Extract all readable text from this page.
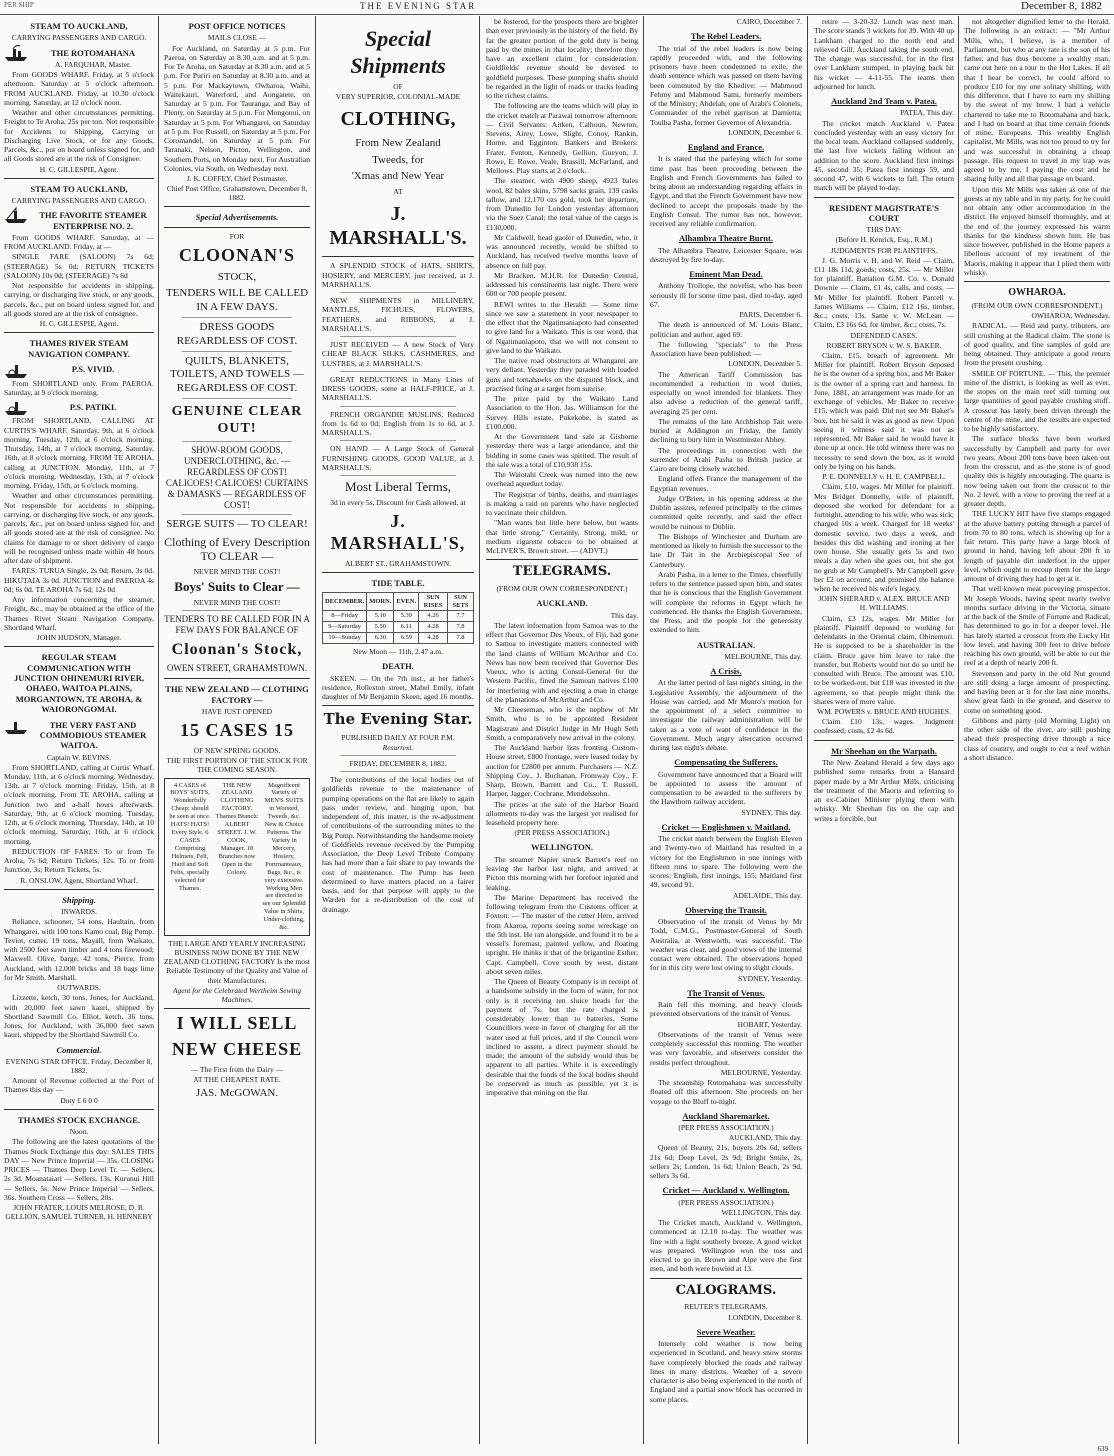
PER SHIP	THE EVENING STAR	December 8, 1882
STEAM TO AUCKLAND,
CARRYING PASSENGERS AND CARGO.
THE ROTOMAHANA
A. FARQUHAR, Master.

From GOODS WHARF. Friday, at 5 o'clock afternoon. Saturday at 5 o'clock afternoon. FROM AUCKLAND. Friday, at 10.30 o'clock morning. Saturday, at 12 o'clock noon.

Weather and other circumstances permitting. Freight to Te Aroha, 25s per ton. Not responsible for Accidents to Shipping, Carrying or Discharging Live Stock, or for any Goods, Parcels, &c., put on board unless signed for, and all Goods stored are at the risk of Consignee.

H. C. GILLESPIE, Agent.
STEAM TO AUCKLAND,
CARRYING PASSENGERS AND CARGO.
THE FAVORITE STEAMER ENTERPRISE NO. 2.

From GOODS WHARF. Saturday, at — FROM AUCKLAND. Friday, at —

SINGLE FARE (SALOON) 7s 6d; (STEERAGE) 5s 0d; RETURN TICKETS (SALOON) 10s 0d; (STEERAGE) 7s 6d

Not responsible for accidents in shipping, carrying, or discharging live stock, or any goods, parcels, &c., put on board unless signed for, and all goods stored are at the risk of consignee.

H. C. GILLESPIE, Agent.
THAMES RIVER STEAM NAVIGATION COMPANY.
P.S. VIVID.

From SHORTLAND only. From PAEROA. Saturday, at 9 o'clock morning.

P.S. PATIKI.

FROM SHORTLAND, CALLING AT CURTIS'S WHARF. Saturday, 9th, at 6 o'clock morning. Tuesday, 12th, at 6 o'clock morning. Thursday, 14th, at 7 o'clock morning. Saturday, 16th, at 8 o'clock morning. FROM TE AROHA, calling at JUNCTION. Monday, 11th, at 7 o'clock morning. Wednesday, 13th, at 7 o'clock morning. Friday, 15th, at 6 o'clock morning.

Weather and other circumstances permitting. Not responsible for accidents to shipping, carrying, or discharging live stock, or any goods, parcels, &c., put on board unless signed for, and all goods stored are at the risk of consignee. No claims for damage to or short delivery of cargo will be recognised unless made within 48 hours after date of shipment.

FARES: TURUA Single, 2s 0d; Return, 3s 0d. HIKUTAIA 3s 0d. JUNCTION and PAEROA 4s 0d; 6s 0d. TE AROHA 7s 6d; 12s 0d

Any information concerning the steamer, Freight, &c., may be obtained at the office of the Thames River Steam Navigation Company, Shortland Wharf.

JOHN HUDSON, Manager.
REGULAR STEAM COMMUNICATION WITH JUNCTION OHINEMURI RIVER, OHAEO, WAITOA PLAINS, MORGANTOWN, TE AROHA, & WAIORONGOMAI.
THE VERY FAST AND COMMODIOUS STEAMER WAITOA.
Captain W. BEVINS.

From SHORTLAND, calling at Curtis' Wharf. Monday, 11th, at 6 o'clock morning. Wednesday, 13th, at 7 o'clock morning. Friday, 15th, at 8 o'clock morning. From TE AROHA, calling at Junction two and a-half hours afterwards. Saturday, 9th, at 6 o'clock morning. Tuesday, 12th, at 6 o'clock morning. Thursday, 14th, at 10 o'clock morning. Saturday, 16th, at 6 o'clock morning.

REDUCTION OF FARES. To or from Te Aroha, 7s 6d; Return Tickets, 12s. To or from Junction, 3s; Return Tickets, 5s.

R. ONSLOW, Agent, Shortland Wharf.
Shipping.
INWARDS.

Reliance, schooner, 54 tons, Haultain, from Whangarei, with 100 tons Kamo coal, Big Pump. Teviot, cutter, 19 tons, Mayall, from Waikato, with 2500 feet sawn timber and 4 tons firewood; Maxwell. Olive, barge, 42 tons, Pierce, from Auckland, with 12,000 bricks and 18 bags lime for Mr Smith. Marshall.

OUTWARDS.

Lizzette, ketch, 30 tons, Jones, for Auckland, with 20,000 feet sawn kauri, shipped by Shortland Sawmill Co. Elliot, ketch, 36 tons, Jones, for Auckland, with 36,000 feet sawn kauri, shipped by the Shortland Sawmill Co.

Commercial.
EVENING STAR OFFICE. Friday, December 8, 1882.

Amount of Revenue collected at the Port of Thames this day —

Duty £ 6 0 0
THAMES STOCK EXCHANGE.
Noon.

The following are the latest quotations of the Thames Stock Exchange this day: SALES THIS DAY — New Prince Imperial — 35s. CLOSING PRICES — Thames Deep Level Tr. — Sellers, 2s 3d. Moanataiari — Sellers, 13s. Kurunui Hill — Sellers, 5s. New Prince Imperial — Sellers, 36s. Southern Cross — Sellers, 20s.

JOHN FRATER, LOUIS MELROSE, D. R. GELLION, SAMUEL TURNER, H. HENNEBY
POST OFFICE NOTICES
MAILS CLOSE —

For Auckland, on Saturday at 5 p.m. For Paeroa, on Saturday at 8.30 a.m. and at 5 p.m. For Te Aroha, on Saturday at 8.30 a.m. and at 5 p.m. For Puriri on Saturday at 8.30 a.m. and at 5 p.m. For Mackaytown, Owharoa, Waihi, Waitekauri, Waterford, and Aongatete, on Saturday at 5 p.m. For Tauranga, and Bay of Plenty, on Saturday at 5 p.m. For Mongonui, on Saturday at 5 p.m. For Whangarei, on Saturday at 5 p.m. For Russell, on Saturday at 5 p.m. For Coromandel, on Saturday at 5 p.m. For Taranaki, Nelson, Picton, Wellington, and Southern Ports, on Monday next. For Australian Colonies, via South, on Wednesday next.

J. K. COFFEY, Chief Postmaster.
Chief Post Office, Grahamstown, December 8, 1882.
Special Advertisements.
FOR
CLOONAN'S
STOCK,
TENDERS WILL BE CALLED IN A FEW DAYS.
DRESS GOODS REGARDLESS OF COST.
QUILTS, BLANKETS, TOILETS, AND TOWELS — REGARDLESS OF COST.
GENUINE CLEAR OUT!
SHOW-ROOM GOODS, UNDERCLOTHING, &c. — REGARDLESS OF COST! CALICOES! CALICOES! CURTAINS & DAMASKS — REGARDLESS OF COST!
SERGE SUITS — TO CLEAR!
Clothing of Every Description TO CLEAR —
NEVER MIND THE COST!
Boys' Suits to Clear —
NEVER MIND THE COST!
TENDERS TO BE CALLED FOR IN A FEW DAYS FOR BALANCE OF
Cloonan's Stock,
OWEN STREET, GRAHAMSTOWN.
THE NEW ZEALAND — CLOTHING FACTORY —
HAVE JUST OPENED
15 CASES 15
OF NEW SPRING GOODS,
THE FIRST PORTION OF THE STOCK FOR THE COMING SEASON.
4 CASES of BOYS' SUITS, Wonderfully Cheap; should be seen at once. HATS! HATS! Every Style. 6 CASES Comprising Helmets, Felt, Hard and Soft Felts, specially selected for Thames.
THE NEW ZEALAND CLOTHING FACTORY. Thames Branch: ALBERT STREET. J. W. COOK, Manager. 18 Branches now Open in the Colony.
Magnificent Variety of MEN'S SUITS in Worsted, Tweeds, &c. New & Choice Patterns. The Variety in Mercery, Hosiery, Portmanteaux, Bags, &c., is very extensive. Working Men are directed to see our Splendid Value in Shirts, Under-clothing, &c.
THE LARGE AND YEARLY INCREASING BUSINESS NOW DONE BY THE NEW ZEALAND CLOTHING FACTORY Is the most Reliable Testimony of the Quality and Value of their Manufactures.
Agent for the Celebrated Wertheim Sewing Machines.
I WILL SELL
NEW CHEESE
— The First from the Dairy —
AT THE CHEAPEST RATE.
JAS. McGOWAN.
Special Shipments
OF
VERY SUPERIOR, COLONIAL-MADE
CLOTHING,
From New Zealand
Tweeds, for
'Xmas and New Year
AT
J. MARSHALL'S.

A SPLENDID STOCK of HATS, SHIRTS, HOSIERY, and MERCERY, just received, at J. MARSHALL'S.

NEW SHIPMENTS in MILLINERY, MANTLES, FICHUES, FLOWERS, FEATHERS, and RIBBONS, at J. MARSHALL'S.

JUST RECEIVED — A new Stock of Very CHEAP BLACK SILKS, CASHMERES, and LUSTRES, at J. MARSHALL'S.

GREAT REDUCTIONS in Many Lines of DRESS GOODS, some at HALF-PRICE, at J. MARSHALL'S.

FRENCH ORGANDIE MUSLINS, Reduced from 1s 6d to 0d; English from 1s to 6d, at J. MARSHALL'S.

ON HAND — A Large Stock of General FURNISHING GOODS, GOOD VALUE, at J. MARSHALL'S.

Most Liberal Terms,
3d in every 5s, Discount for Cash allowed, at
J. MARSHALL'S,
ALBERT ST., GRAHAMSTOWN.
TIDE TABLE.
DECEMBER.	MORN.	EVEN.	SUN RISES	SUN SETS
8—Friday	5.10	5.39	4.26	7.7
9—Saturday	5.50	6.11	4.28	7.8
10—Sunday	6.30	6.59	4.28	7.8
New Moon — 11th, 2.47 a.m.
DEATH.

SKEEN. — On the 7th inst., at her father's residence, Rolleston street, Mabel Emily, infant daughter of Mr Benjamin Skeen, aged 16 months.

The Evening Star.
PUBLISHED DAILY AT FOUR P.M.
Resurrexi.
FRIDAY, DECEMBER 8, 1882.

The contributions of the local bodies out of goldfields revenue to the maintenance of pumping operations on the flat are likely to again pass under review, and hinging upon, but independent of, this matter, is the re-adjustment of contributions of the surrounding mines to the Big Pump. Notwithstanding the handsome moiety of Goldfields revenue received by the Pumping Association, the Deep Level Tribute Company has had more than a fair share to pay towards the cost of maintenance. The Pump has been determined to have matters placed on a fairer basis, and for that purpose will apply to the Warden for a re-distribution of the cost of drainage.

be fostered, for the prospects there are brighter than ever previously in the history of the field. By far the greater portion of the gold duty is being paid by the mines in that locality; therefore they have an excellent claim for consideration. Goldfields' revenue should be devoted to goldfield purposes. Those pumping shafts should be regarded in the light of roads or tracks leading to the richest claims.

The following are the teams which will play in the cricket match at Parawai tomorrow afternoon: — Civil Servants: Aitken, Calhoun, Newton, Stevens, Airey, Lowe, Slight, Conoy, Rankin, Horne, and Egginton. Bankers and Brokers: Frater, Fenton, Kennedy, Gellion, Gueyon, J. Rowe, E. Rowe, Veale, Brassill, McFarland, and Mellows. Play starts at 2 o'clock.

The steamer, with 4900 sheep, 4923 bales wool, 82 bales skins, 5798 sacks grain, 139 casks tallow, and 12,170 ozs gold, took her departure, from Dunedin for London yesterday afternoon via the Suez Canal; the total value of the cargo is £130,000.

Mr Caldwell, head gaoler of Dunedin, who, it was announced recently, would be shifted to Auckland, has received twelve months leave of absence on full pay.

Mr Bracken, M.H.R. for Dunedin Central, addressed his constituents last night. There were 600 or 700 people present.

REWI writes to the Herald: — Some time since we saw a statement in your newspaper to the effect that the Ngatimaniapoto had consented to give land for a Waikato. This is our word, that of Ngatimaniapoto, that we will not consent to give land to the Waikato.

The native road obstructors at Whangarei are very defiant. Yesterday they paraded with loaded guns and tomahawks on the disputed block, and practised firing at a target from sunrise.

The prize paid by the Waikato Land Association to the Hon. Jas. Williamson for the Survey Hills estate, Pukekohe, is stated as £100,000.

At the Government land sale at Gisborne yesterday there was a large attendance, and the bidding in some cases was spirited. The result of the sale was a total of £10,938 15s.

The Waiotahi Creek was turned into the new overhead aqueduct today.

The Registrar of births, deaths, and marriages is making a raid on parents who have neglected to vaccinate their children.

"Man wants but little here below, but wants that little strong." Certainly, Strong, mild, or medium cigarette tobacco to be obtained at McLIVER'S, Brown street. — (ADVT.)

TELEGRAMS.
(FROM OUR OWN CORRESPONDENT.)
AUCKLAND.
This day.

The latest information from Samoa was to the effect that Governor Des Voeux, of Fiji, had gone to Samoa to investigate matters connected with the land claims of William McArthur and Co. News has now been received that Governor Des Voeux, who is acting Consul-General for the Western Pacific, fined the Samoan natives £100 for interfering with and ejecting a man in charge of the plantations of McArthur and Co.

Mr Cheeseman, who is the nephew of Mr Smith, who is to be appointed Resident Magistrate and District Judge in Mr Hugh Seth Smith, a comparatively new arrival in the colony.

The Auckland harbor lists fronting Custom-House street, £800 frontage, were leased today by auction for £2800 per annum. Purchasers — N.Z. Shipping Coy., J. Buchanan, Fromway Coy., F. Sharp, Brown, Barrett and Co., T. Russell, Harper, Jagger, Cochrane, Mendelssohn.

The prices at the sale of the Harbor Board allotments to-day was the largest yet realised for leasehold property here.

(PER PRESS ASSOCIATION.)
WELLINGTON.

The steamer Napier struck Barrett's reef on leaving the harbor last night, and arrived at Picton this morning with her forefoot injured and leaking.

The Marine Department has received the following telegram from the Customs officer at Foxton: — The master of the cutter Hero, arrived from Akaroa, reports seeing some wreckage on the 5th inst. He ran alongside, and found it to be a vessel's foremast, painted yellow, and floating upright. He thinks it that of the brigantine Esther, Capt. Campbell. Cove south by west, distant about seven miles.

The Queen of Beauty Company is in receipt of a handsome subsidy in the form of water, for not only is it receiving ten sluice heads for the payment of 7s, but the rate charged is considerably lower than to batteries. Some Councillors were in favor of charging for all the water used at full prices, and if the Council were inclined to assent, a direct payment should be made; the amount of the subsidy would thus be apparent to all parties. While it is exceedingly desirable that the funds of the local bodies should be conserved as much as possible, yet it is imperative that mining on the flat

CAIRO, December 7.
The Rebel Leaders.

The trial of the rebel leaders is now being rapidly proceeded with, and the following prisoners have been condemned to exile, the death sentence which was passed on them having been commuted by the Khedive: — Mahmoud Fehmy and Mahmoud Sami, formerly members of the Ministry; Abdelah, one of Arabi's Colonels, Commander of the rebel garrison at Damietta; Toulba Pasha, former Governor of Alexandria.

LONDON, December 6.
England and France.

It is stated that the parleying which for some time past has been proceeding between the English and French Governments has failed to bring about an understanding regarding affairs in Egypt, and that the French Government have now declined to accept the proposals made by the English Consul. The rumor has not, however, received any reliable confirmation.

Alhambra Theatre Burnt.

The Alhambra Theatre, Leicester Square, was destroyed by fire to-day.

Eminent Man Dead.

Anthony Trollope, the novelist, who has been seriously ill for some time past, died to-day, aged 67.

PARIS, December 6.

The death is announced of M. Louis Blanc, politician and author, aged 69.

The following "specials" to the Press Association have been published: —

LONDON, December 5.

The American Tariff Commission has recommended a reduction in wool duties, especially on wool intended for blankets. They also advise a reduction of the general tariff, averaging 25 per cent.

The remains of the late Archbishop Tait were buried at Addington on Friday, the family declining to bury him in Westminster Abbey.

The proceedings in connection with the surrender of Arabi Pasha to British justice at Cairo are being closely watched.

England offers France the management of the Egyptian revenues.

Judge O'Brien, in his opening address at the Dublin assizes, referred principally to the crimes committed quite recently, and said the effect would be ruinous to Dublin.

The Bishops of Winchester and Durham are mentioned as likely to furnish the successor to the late Dr Tait in the Archiepiscopal See of Canterbury.

Arabi Pasha, in a letter to the Times, cheerfully refers to the sentence passed upon him, and states that he is conscious that the English Government will complete the reforms in Egypt which he commenced. He thanks the English Government, the Press, and the people for the generosity extended to him.

AUSTRALIAN.
MELBOURNE, This day.
A Crisis.

At the latter period of last night's sitting, in the Legislative Assembly, the adjournment of the House was carried, and Mr Munro's motion for the appointment of a select committee to investigate the railway administration will be taken as a vote of want of confidence in the Government. Much angry altercation occurred during last night's debate.

Compensating the Sufferers.

Government have announced that a Board will be appointed to assess the amount of compensation to be awarded to the sufferers by the Hawthorn railway accident.

SYDNEY, This day.
Cricket — Englishmen v. Maitland.

The cricket match between the English Eleven and Twenty-two of Maitland has resulted in a victory for the Englishmen in one innings with fifteen runs to spare. The following were the scores: English, first innings, 155; Maitland first 49, second 91.

ADELAIDE, This day.
Observing the Transit.

Observation of the transit of Venus by Mr Todd, C.M.G., Postmaster-General of South Australia, at Wentworth, was successful. The weather was clear, and good views of the internal contact were obtained. The observations hoped for in this city were lost owing to slight clouds.

SYDNEY, Yesterday.
The Transit of Venus.

Rain fell this morning, and heavy clouds prevented observations of the transit of Venus.

HOBART, Yesterday.

Observations of the transit of Venus were completely successful this morning. The weather was very favorable, and observers consider the results perfect throughout.

MELBOURNE, Yesterday.

The steamship Rotomahana was successfully floated off this afternoon. She proceeds on her voyage to the Bluff to-night.

Auckland Sharemarket.
(PER PRESS ASSOCIATION.)
AUCKLAND, This day.

Queen of Beauty, 21s, buyers 20s 6d, sellers 21s 6d; Deep Level, 2s 9d; Bright Smile, 2s, sellers 2s; London, 1s 6d; Union Beach, 2s 9d, sellers 3s 6d.

Cricket — Auckland v. Wellington.
(PER PRESS ASSOCIATION.)
WELLINGTON, This day.

The Cricket match, Auckland v. Wellington, commenced at 12.10 to-day. The weather was fine with a light southerly breeze. A good wicket was prepared. Wellington won the toss and elected to go in. Brown and Alpe were the first men, and both were bowled at 13.

CALOGRAMS.
REUTER'S TELEGRAMS.
LONDON, December 8.
Severe Weather.

Intensely cold weather is now being experienced in Scotland, and heavy snow storms have completely blocked the roads and railway lines in many districts. Weather of a severe character is also being experienced in the north of England and a partial snow block has occurred in some places.

retire — 3-20-32. Lunch was next man. The score stands 3 wickets for 39. With 40 up Lankham charged to the north end and relieved Gill, Auckland taking the south end. The change was successful, for in the first over Lankham stumped, in playing back hit his wicket — 4-11-55. The teams then adjourned for lunch.

Auckland 2nd Team v. Patea.
PATEA, This day.

The cricket match Auckland v. Patea concluded yesterday with an easy victory for the local team. Auckland collapsed suddenly, the last five wickets falling without an addition to the score. Auckland first innings 45, second 35; Patea first innings 59, and second 47, with 6 wickets to fall. The return match will be played to-day.

RESIDENT MAGISTRATE'S COURT
THIS DAY.
(Before H. Kenrick, Esq., R.M.)
JUDGMENTS FOR PLAINTIFFS.

J. G. Morris v. H. and W. Reid — Claim, £11 18s 11d, goods; costs, 25s. — Mr Miller for plaintiff. Battalion G.M. Co. v. Donald Downie — Claim, £1 4s, calls, and costs. — Mr Miller for plaintiff. Robert Parcell v. James Williams — Claim, £12 16s, timber, &c.; costs, 13s. Same v. W. McLean — Claim, £3 16s 6d, for timber, &c.; costs, 7s.

DEFENDED CASES.
ROBERT BRYSON v. W. S. BAKER.

Claim, £15, breach of agreement. Mr Miller for plaintiff. Robert Bryson deposed he is the owner of a spring box, and Mr Baker is the owner of a spring cart and harness. In June, 1881, an arrangement was made for an exchange of vehicles. Mr Baker to receive £15, which was paid. Did not see Mr Baker's box, but he said it was as good as new. Upon seeing it witness said it was not as represented. Mr Baker said he would have it done up at once. He told witness there was no necessity to send down the box, as it would only be lying on his hands.

P. E. DONNELLY v. H. E. CAMPBELL.

Claim, £10, wages. Mr Miller for plaintiff. Mrs Bridget Donnelly, wife of plaintiff, deposed she worked for defendant for a fortnight, attending to his wife, who was sick; charged 10s a week. Charged for 18 weeks' domestic service, two days a week, and besides this did washing and ironing at her own house. She usually gets 5s and two meals a day when she goes out, but she got no grub at Mr Campbell's. Mr Campbell gave her £2 on account, and promised the balance when he received his wife's legacy.

JOHN SHERARD v. ALEX. BRUCE AND H. WILLIAMS.

Claim, £3 12s, wages. Mr Miller for plaintiff. Plaintiff deposed to working for defendants in the Oriental claim, Ohinemuri. He is supposed to be a shareholder in the claim. Bruce gave him leave to take the transfer, but Roberts would not do so until he consulted with Bruce. The amount was £10, to be worked-out, but £18 was invested in the agreement, so that people might think the shares were of more value.

WM. POWERS v. BRUCE AND HUGHES.

Claim £10 13s, wages. Judgment confessed; costs, £2 4s 6d.

Mr Sheehan on the Warpath.

The New Zealand Herald a few days ago published some remarks from a Hansard paper made by a Mr Arthur Mills, criticising the treatment of the Maoris and referring to an ex-Cabinet Minister plying them with whisky. Mr Sheehan fits on the cap and writes a forcible, but

not altogether dignified letter to the Herald. The following is an extract: — "Mr Arthur Mills, who, I believe, is a member of Parliament, but who at any rate is the son of his father, and has thus become a wealthy man, came out here on a tour to the Hot Lakes. If all that I hear be correct, he could afford to produce £10 for my one solitary shilling, with this difference, that I have to earn my shilling by the sweat of my brow. I had a vehicle chartered to take me to Rotomahana and back, and I had on board at that time certain friends of mine, Europeans. This wealthy English capitalist, Mr Mills, was not too proud to try for and was successful in obtaining a cheap passage. His request to travel in my trap was agreed to by me, I paying the cost and he sharing fully and all that passage on board.

Upon this Mr Mills was taken as one of the guests at my table and in my party, for he could not obtain any other accommodation in the district. He enjoyed himself thoroughly, and at the end of the journey expressed his warm thanks for the kindness shown him. He has since however, published in the Home papers a libellous account of my treatment of the Maoris, making it appear that I plied them with whisky.

OWHAROA.
(FROM OUR OWN CORRESPONDENT.)
OWHAROA, Wednesday.

RADICAL. — Reid and party, tributers, are still crushing at the Radical claim. The stone is of good quality, and fine samples of gold are being obtained. They anticipate a good return from the present crushing.

SMILE OF FORTUNE. — This, the premier mine of the district, is looking as well as ever, the stopes on the main reef still turning out large quantities of good payable crushing stuff. A crosscut has lately been driven through the centre of the mine, and the results are expected to be highly satisfactory.

The surface blocks have been worked successfully by Campbell and party for over two years. About 200 tons have been taken out from the crosscut, and as the stone is of good quality this is highly encouraging. The quartz is now being taken out from the crosscut to the No. 2 level, with a view to proving the reef at a greater depth.

THE LUCKY HIT have five stamps engaged at the above battery putting through a parcel of from 70 to 80 tons, which is showing up for a fair return. This party have a large block of ground in hand, having left about 200 ft in length of payable dirt underfoot in the upper level, which ought to recoup them for the large amount of driving they had to get at it.

That well known meat purveying prospector, Mr Joseph Woods, having spent nearly twelve months surface driving in the Victoria, situate at the back of the Smile of Fortune and Radical, has determined to go in for a deeper level. He has lately started a crosscut from the Lucky Hit low level, and having 300 feet to drive before reaching his own ground, will be able to cut the reef at a depth of nearly 200 ft.

Stevenson and party in the old Nut ground are still doing a large amount of prospecting, and having been at it for the last nine months, show great faith in the ground, and deserve to come on something good.

Gibbons and party (old Morning Light) on the other side of the river, are still pushing ahead their prospecting drive through a nice class of country, and ought to cut a reef within a short distance.

639
